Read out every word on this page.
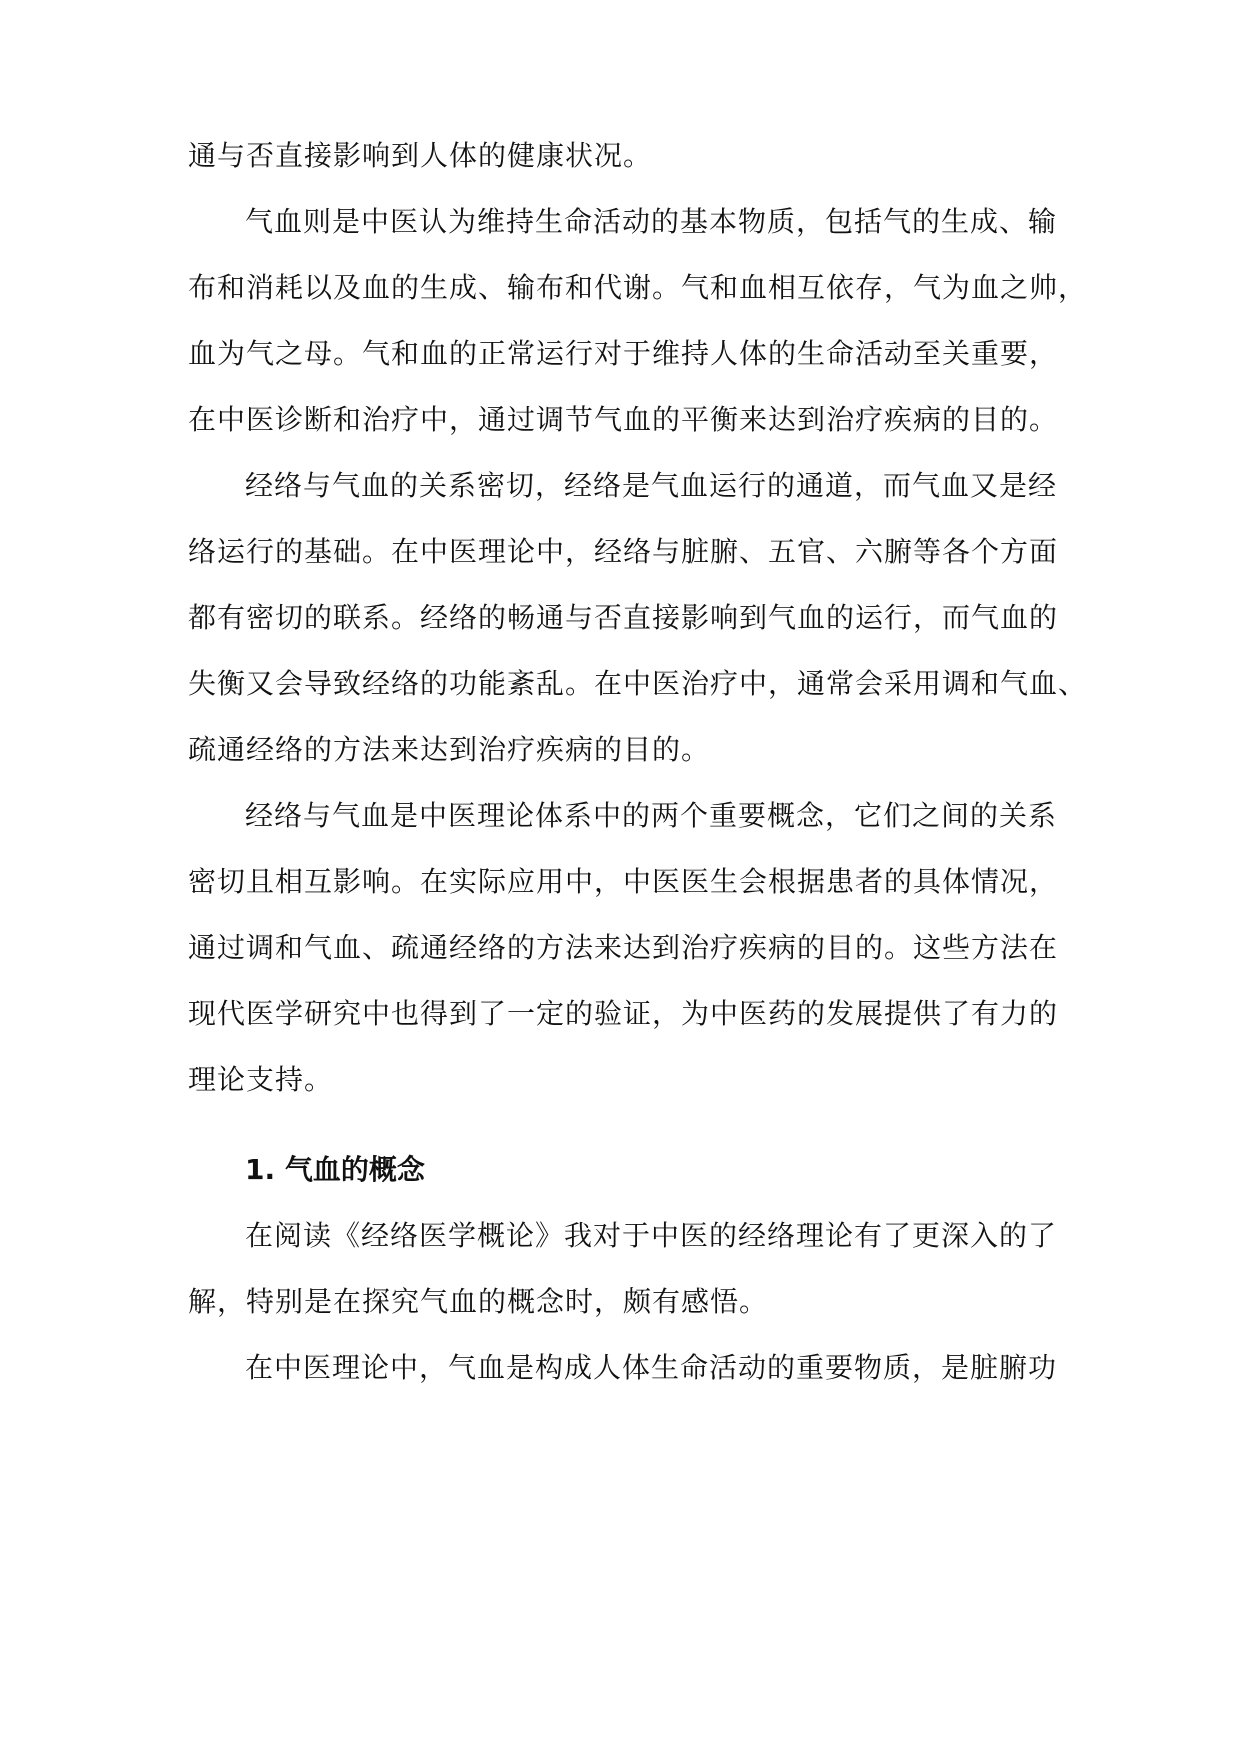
通与否直接影响到人体的健康状况。
气血则是中医认为维持生命活动的基本物质，包括气的生成、输
布和消耗以及血的生成、输布和代谢。气和血相互依存，气为血之帅，
血为气之母。气和血的正常运行对于维持人体的生命活动至关重要，
在中医诊断和治疗中，通过调节气血的平衡来达到治疗疾病的目的。
经络与气血的关系密切，经络是气血运行的通道，而气血又是经
络运行的基础。在中医理论中，经络与脏腑、五官、六腑等各个方面
都有密切的联系。经络的畅通与否直接影响到气血的运行，而气血的
失衡又会导致经络的功能紊乱。在中医治疗中，通常会采用调和气血、
疏通经络的方法来达到治疗疾病的目的。
经络与气血是中医理论体系中的两个重要概念，它们之间的关系
密切且相互影响。在实际应用中，中医医生会根据患者的具体情况，
通过调和气血、疏通经络的方法来达到治疗疾病的目的。这些方法在
现代医学研究中也得到了一定的验证，为中医药的发展提供了有力的
理论支持。
1. 气血的概念
在阅读《经络医学概论》我对于中医的经络理论有了更深入的了
解，特别是在探究气血的概念时，颇有感悟。
在中医理论中，气血是构成人体生命活动的重要物质，是脏腑功
